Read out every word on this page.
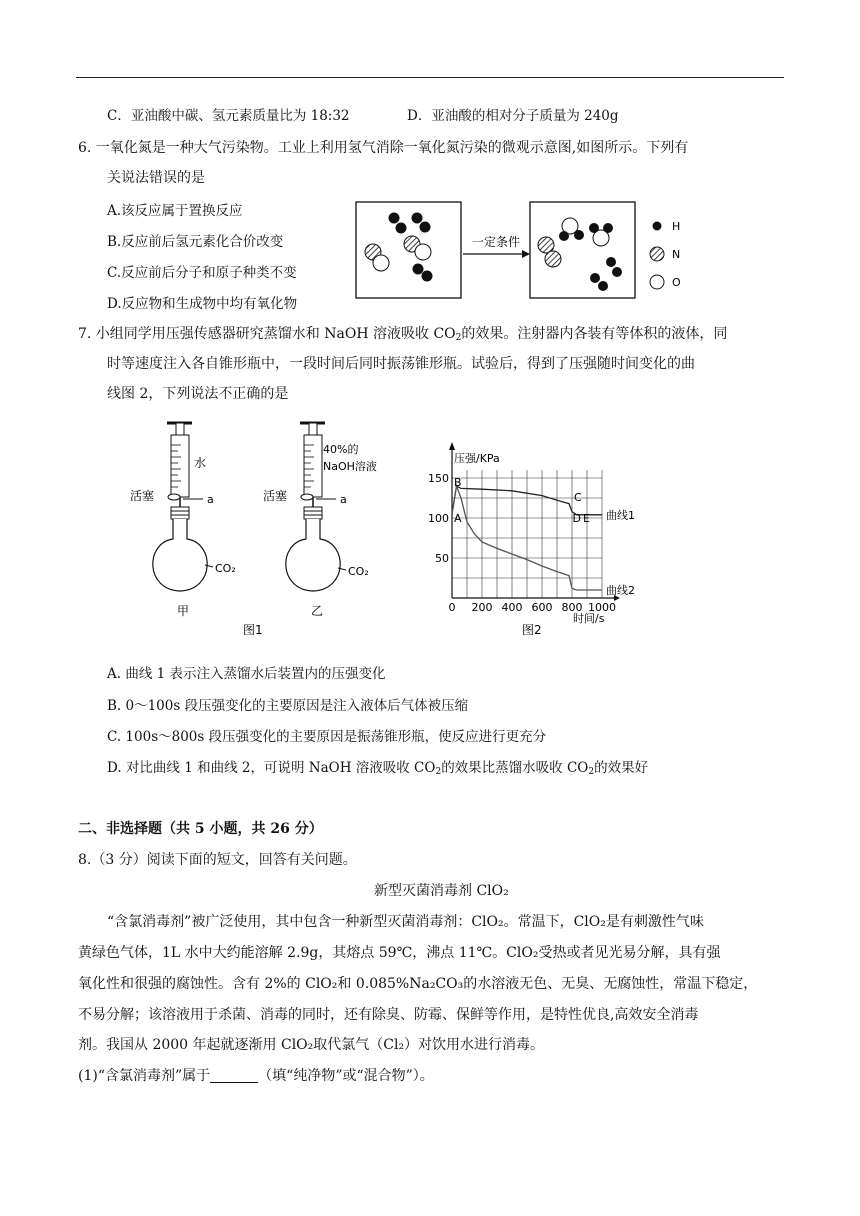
C．亚油酸中碳、氢元素质量比为 18:32	D．亚油酸的相对分子质量为 240g
6. 一氧化氮是一种大气污染物。工业上利用氢气消除一氧化氮污染的微观示意图,如图所示。下列有
关说法错误的是
A.该反应属于置换反应
B.反应前后氢元素化合价改变
C.反应前后分子和原子种类不变
D.反应物和生成物中均有氧化物
一定条件
H
N
O
7. 小组同学用压强传感器研究蒸馏水和 NaOH 溶液吸收 $CO_2$的效果。注射器内各装有等体积的液体，同
时等速度注入各自锥形瓶中，一段时间后同时振荡锥形瓶。试验后，得到了压强随时间变化的曲
线图 2，下列说法不正确的是
水
活塞	a
CO₂
甲
40%的
NaOH溶液
活塞	a
CO₂
乙
图1
0 200 400 600 800 1000
50
100
150
压强/KPa
时间/s
曲线1
曲线2
A
B
C
D E
图2
A. 曲线 1 表示注入蒸馏水后装置内的压强变化
B. 0～100s 段压强变化的主要原因是注入液体后气体被压缩
C. 100s～800s 段压强变化的主要原因是振荡锥形瓶，使反应进行更充分
D. 对比曲线 1 和曲线 2，可说明 NaOH 溶液吸收 $CO_2$的效果比蒸馏水吸收 $CO_2$的效果好
二、非选择题（共 5 小题，共 26 分）
8.（3 分）阅读下面的短文，回答有关问题。
新型灭菌消毒剂 ClO₂
“含氯消毒剂”被广泛使用，其中包含一种新型灭菌消毒剂：ClO₂。常温下，ClO₂是有刺激性气味
黄绿色气体，1L 水中大约能溶解 2.9g，其熔点 59℃，沸点 11℃。ClO₂受热或者见光易分解，具有强
氧化性和很强的腐蚀性。含有 2%的 ClO₂和 0.085%Na₂CO₃的水溶液无色、无臭、无腐蚀性，常温下稳定，
不易分解；该溶液用于杀菌、消毒的同时，还有除臭、防霉、保鲜等作用，是特性优良,高效安全消毒
剂。我国从 2000 年起就逐渐用 ClO₂取代氯气（Cl₂）对饮用水进行消毒。
(1)“含氯消毒剂”属于	（填“纯净物”或“混合物”）。
